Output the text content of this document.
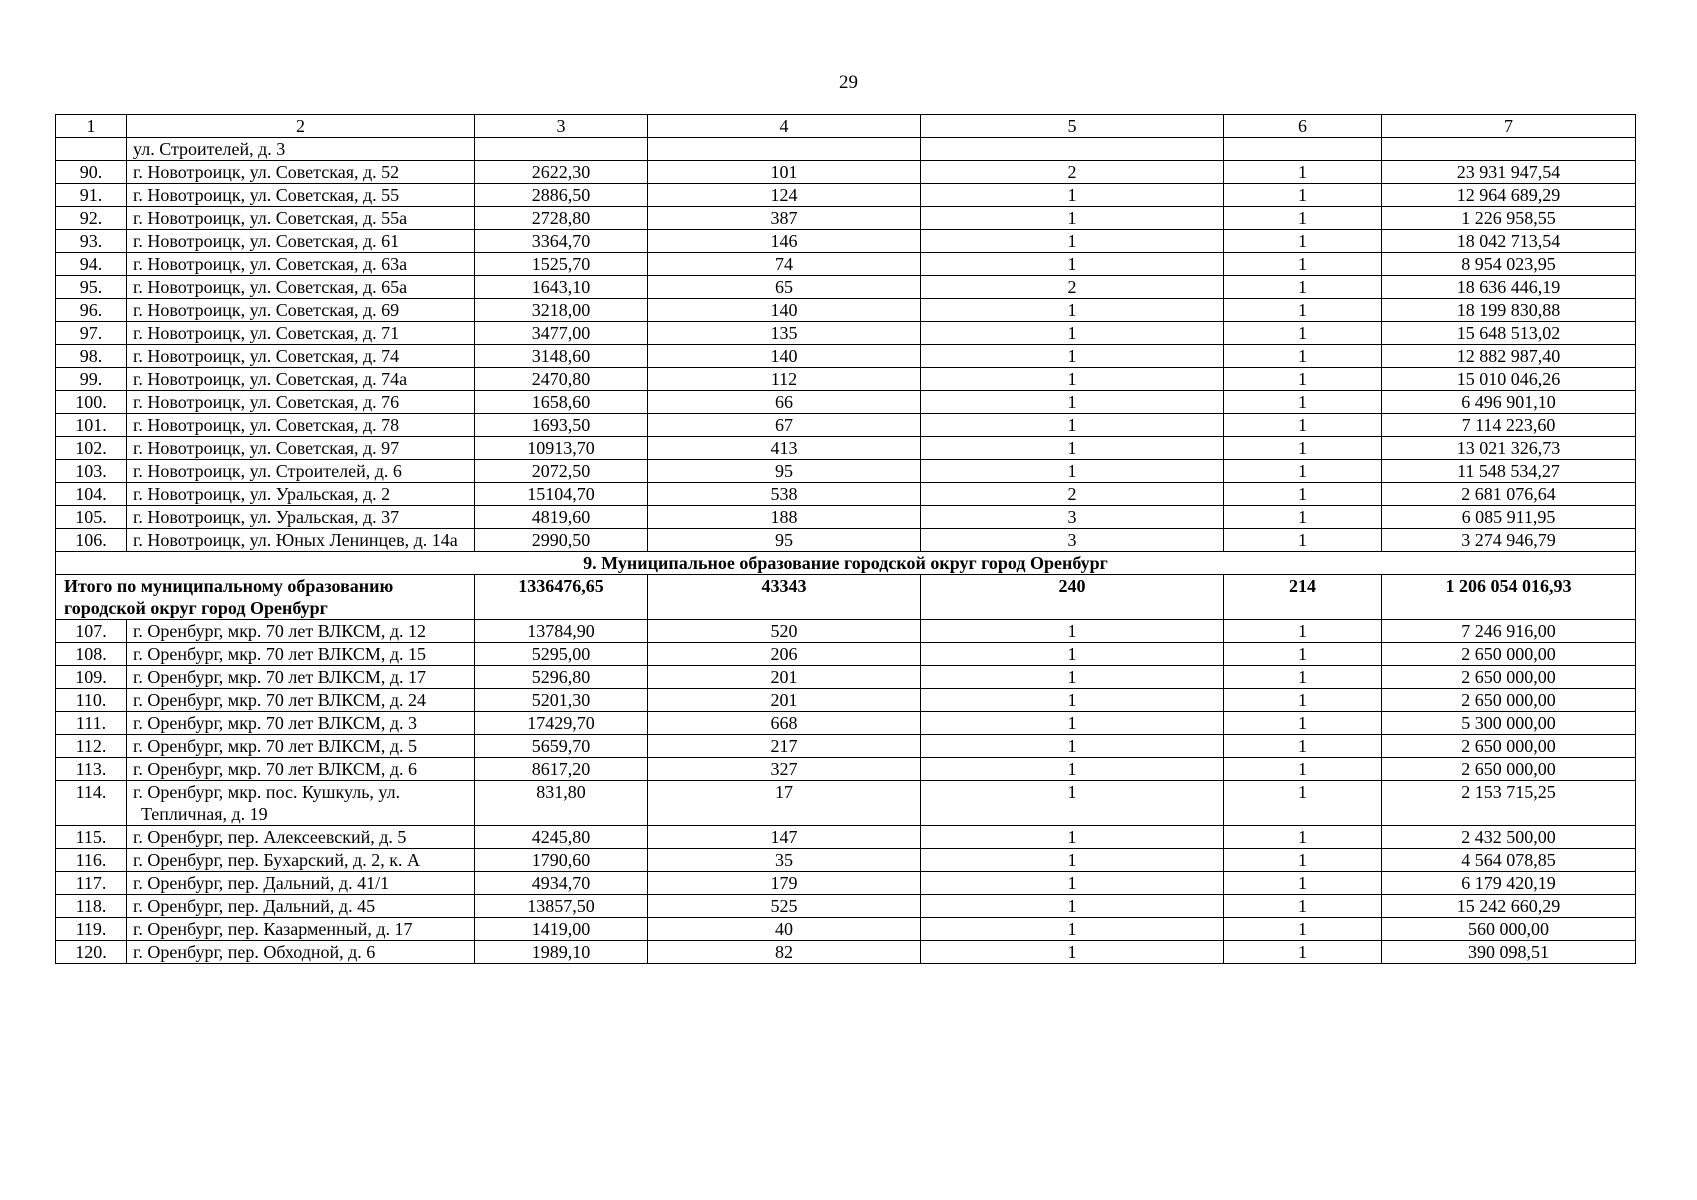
29
1	2	3	4	5	6	7
	ул. Строителей, д. 3					
90.	г. Новотроицк, ул. Советская, д. 52	2622,30	101	2	1	23 931 947,54
91.	г. Новотроицк, ул. Советская, д. 55	2886,50	124	1	1	12 964 689,29
92.	г. Новотроицк, ул. Советская, д. 55а	2728,80	387	1	1	1 226 958,55
93.	г. Новотроицк, ул. Советская, д. 61	3364,70	146	1	1	18 042 713,54
94.	г. Новотроицк, ул. Советская, д. 63а	1525,70	74	1	1	8 954 023,95
95.	г. Новотроицк, ул. Советская, д. 65а	1643,10	65	2	1	18 636 446,19
96.	г. Новотроицк, ул. Советская, д. 69	3218,00	140	1	1	18 199 830,88
97.	г. Новотроицк, ул. Советская, д. 71	3477,00	135	1	1	15 648 513,02
98.	г. Новотроицк, ул. Советская, д. 74	3148,60	140	1	1	12 882 987,40
99.	г. Новотроицк, ул. Советская, д. 74а	2470,80	112	1	1	15 010 046,26
100.	г. Новотроицк, ул. Советская, д. 76	1658,60	66	1	1	6 496 901,10
101.	г. Новотроицк, ул. Советская, д. 78	1693,50	67	1	1	7 114 223,60
102.	г. Новотроицк, ул. Советская, д. 97	10913,70	413	1	1	13 021 326,73
103.	г. Новотроицк, ул. Строителей, д. 6	2072,50	95	1	1	11 548 534,27
104.	г. Новотроицк, ул. Уральская, д. 2	15104,70	538	2	1	2 681 076,64
105.	г. Новотроицк, ул. Уральская, д. 37	4819,60	188	3	1	6 085 911,95
106.	г. Новотроицк, ул. Юных Ленинцев, д. 14а	2990,50	95	3	1	3 274 946,79
9. Муниципальное образование городской округ город Оренбург						
Итого по муниципальному образованию городской округ город Оренбург		1336476,65	43343	240	214	1 206 054 016,93
107.	г. Оренбург, мкр. 70 лет ВЛКСМ, д. 12	13784,90	520	1	1	7 246 916,00
108.	г. Оренбург, мкр. 70 лет ВЛКСМ, д. 15	5295,00	206	1	1	2 650 000,00
109.	г. Оренбург, мкр. 70 лет ВЛКСМ, д. 17	5296,80	201	1	1	2 650 000,00
110.	г. Оренбург, мкр. 70 лет ВЛКСМ, д. 24	5201,30	201	1	1	2 650 000,00
111.	г. Оренбург, мкр. 70 лет ВЛКСМ, д. 3	17429,70	668	1	1	5 300 000,00
112.	г. Оренбург, мкр. 70 лет ВЛКСМ, д. 5	5659,70	217	1	1	2 650 000,00
113.	г. Оренбург, мкр. 70 лет ВЛКСМ, д. 6	8617,20	327	1	1	2 650 000,00
114.	г. Оренбург, мкр. пос. Кушкуль, ул. Тепличная, д. 19	831,80	17	1	1	2 153 715,25
115.	г. Оренбург, пер. Алексеевский, д. 5	4245,80	147	1	1	2 432 500,00
116.	г. Оренбург, пер. Бухарский, д. 2, к. А	1790,60	35	1	1	4 564 078,85
117.	г. Оренбург, пер. Дальний, д. 41/1	4934,70	179	1	1	6 179 420,19
118.	г. Оренбург, пер. Дальний, д. 45	13857,50	525	1	1	15 242 660,29
119.	г. Оренбург, пер. Казарменный, д. 17	1419,00	40	1	1	560 000,00
120.	г. Оренбург, пер. Обходной, д. 6	1989,10	82	1	1	390 098,51
